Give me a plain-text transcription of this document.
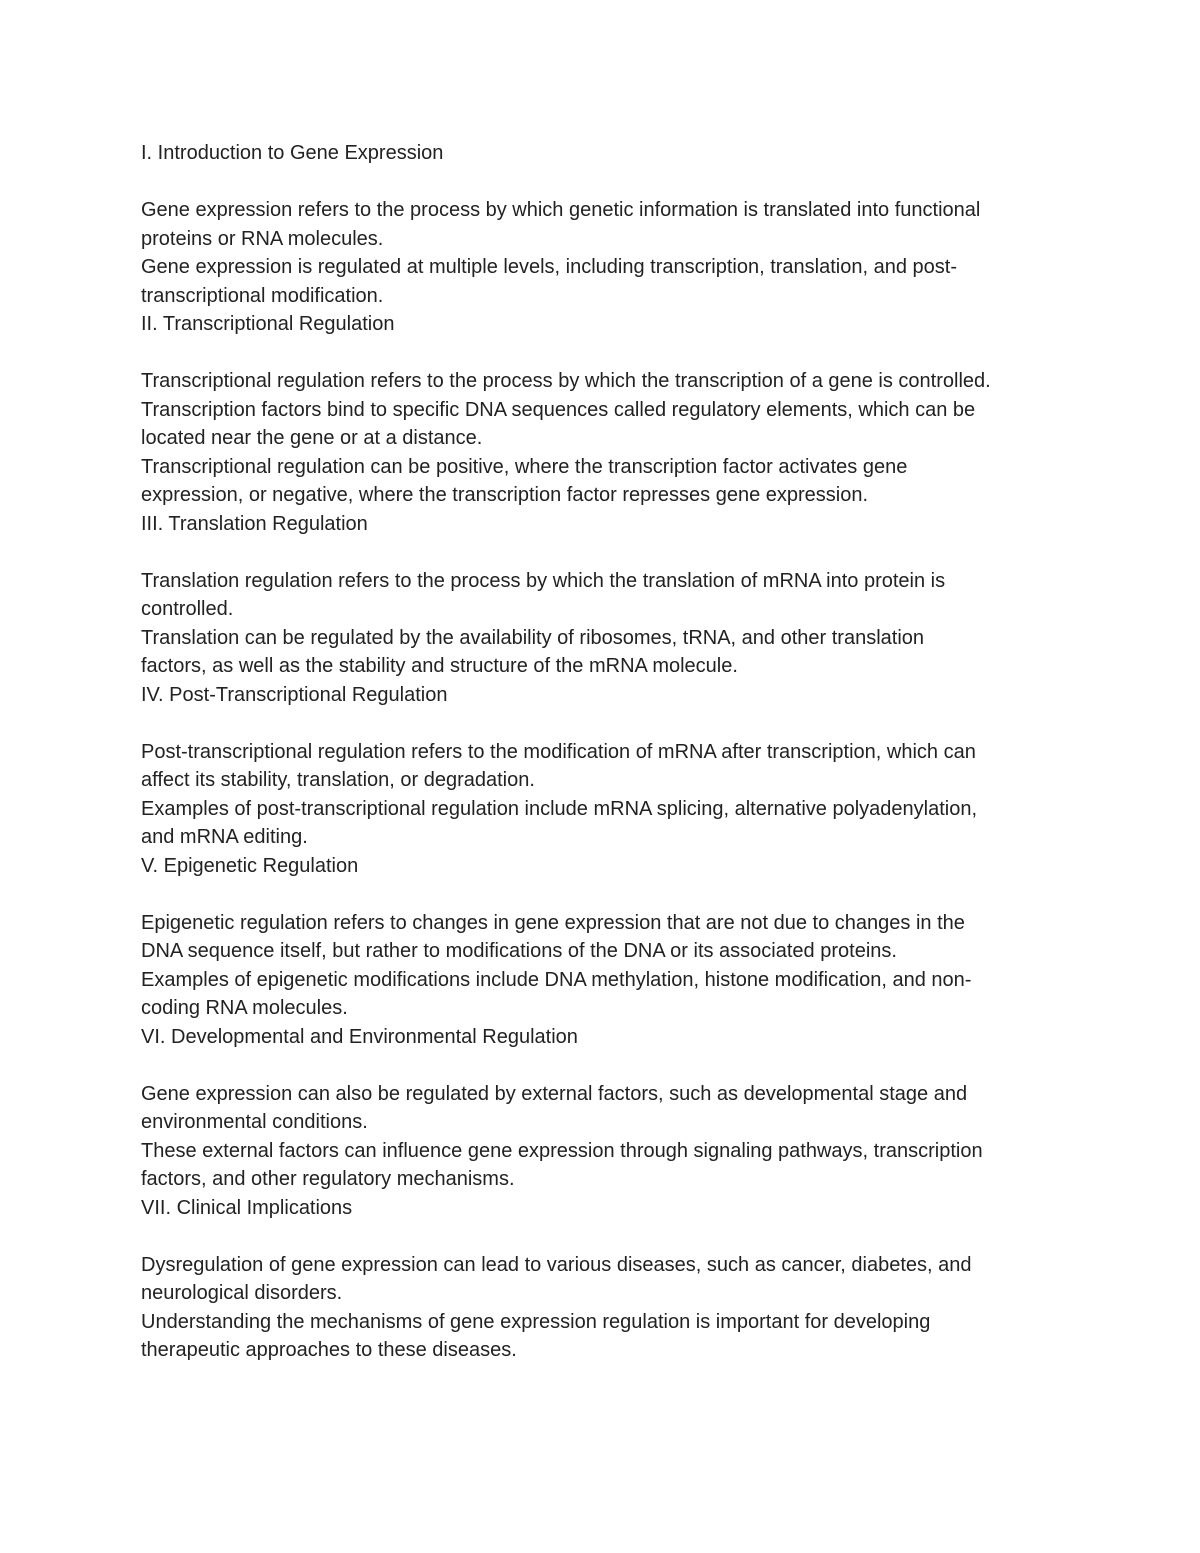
I. Introduction to Gene Expression
Gene expression refers to the process by which genetic information is translated into functional
proteins or RNA molecules.
Gene expression is regulated at multiple levels, including transcription, translation, and post-
transcriptional modification.
II. Transcriptional Regulation
Transcriptional regulation refers to the process by which the transcription of a gene is controlled.
Transcription factors bind to specific DNA sequences called regulatory elements, which can be
located near the gene or at a distance.
Transcriptional regulation can be positive, where the transcription factor activates gene
expression, or negative, where the transcription factor represses gene expression.
III. Translation Regulation
Translation regulation refers to the process by which the translation of mRNA into protein is
controlled.
Translation can be regulated by the availability of ribosomes, tRNA, and other translation
factors, as well as the stability and structure of the mRNA molecule.
IV. Post-Transcriptional Regulation
Post-transcriptional regulation refers to the modification of mRNA after transcription, which can
affect its stability, translation, or degradation.
Examples of post-transcriptional regulation include mRNA splicing, alternative polyadenylation,
and mRNA editing.
V. Epigenetic Regulation
Epigenetic regulation refers to changes in gene expression that are not due to changes in the
DNA sequence itself, but rather to modifications of the DNA or its associated proteins.
Examples of epigenetic modifications include DNA methylation, histone modification, and non-
coding RNA molecules.
VI. Developmental and Environmental Regulation
Gene expression can also be regulated by external factors, such as developmental stage and
environmental conditions.
These external factors can influence gene expression through signaling pathways, transcription
factors, and other regulatory mechanisms.
VII. Clinical Implications
Dysregulation of gene expression can lead to various diseases, such as cancer, diabetes, and
neurological disorders.
Understanding the mechanisms of gene expression regulation is important for developing
therapeutic approaches to these diseases.
